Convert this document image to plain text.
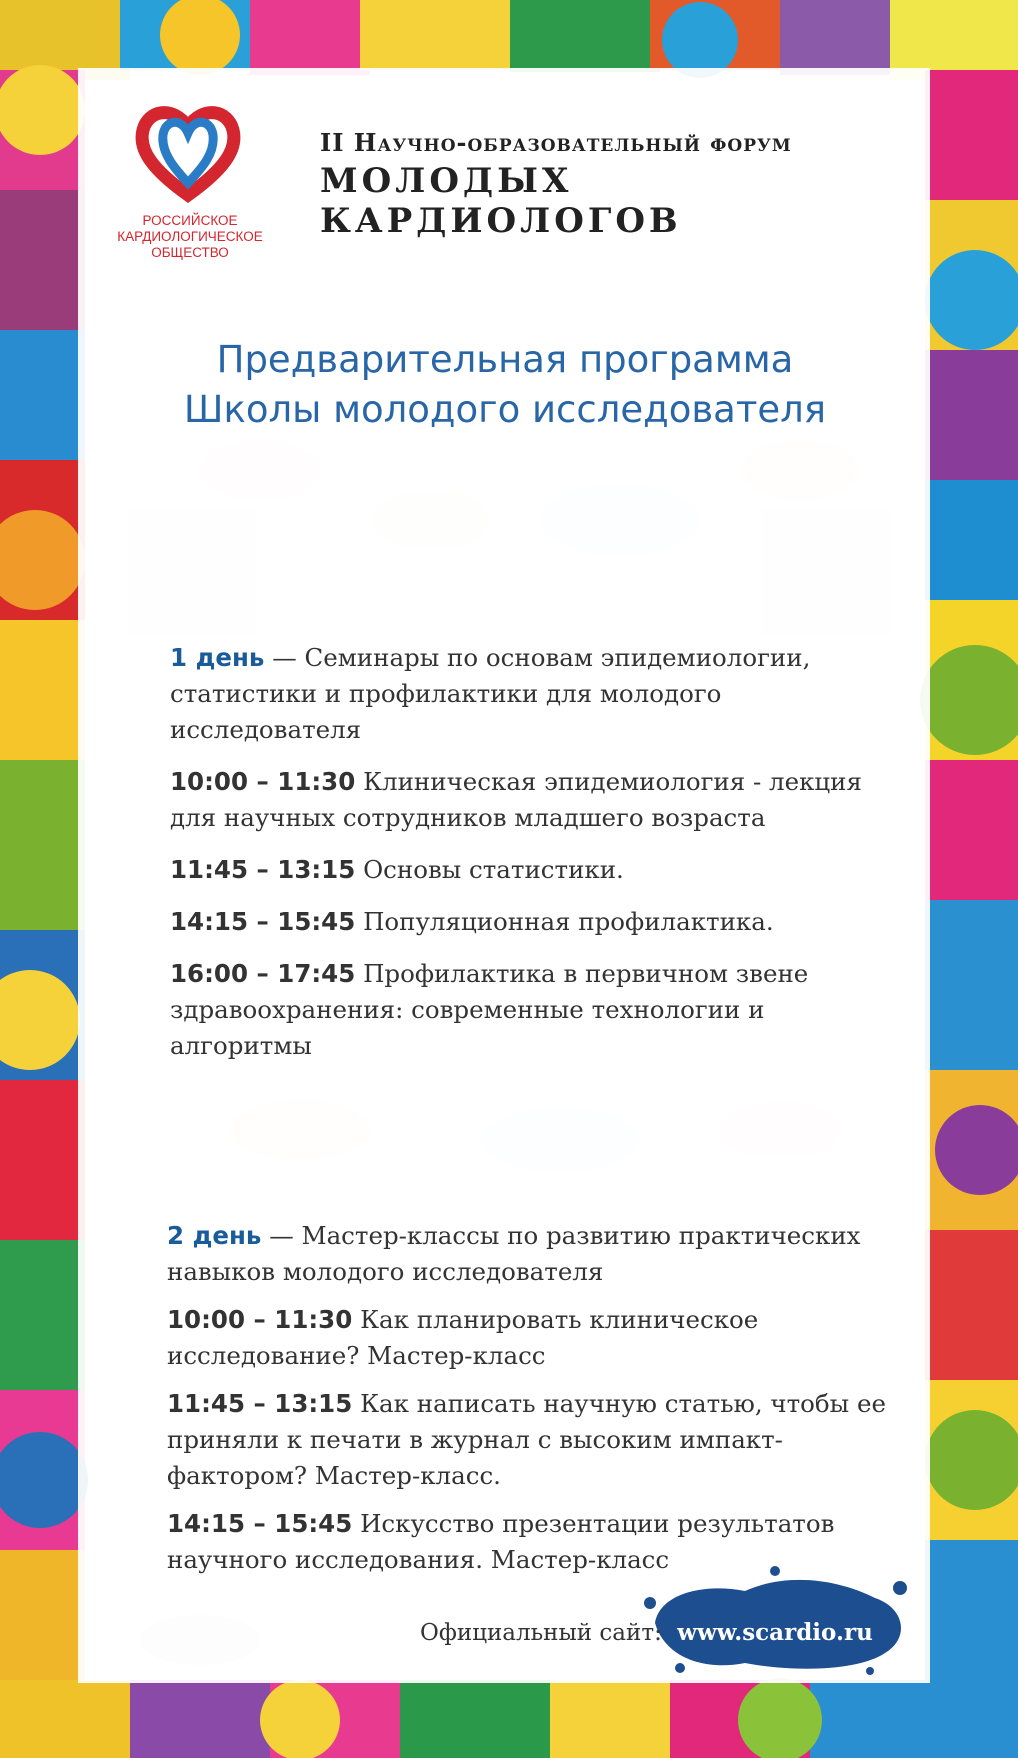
РОССИЙСКОЕ
КАРДИОЛОГИЧЕСКОЕ
ОБЩЕСТВО
II Научно-образовательный форум
МОЛОДЫХ КАРДИОЛОГОВ
Предварительная программа
Школы молодого исследователя

1 день — Семинары по основам эпидемиологии, статистики и профилактики для молодого исследователя

10:00 – 11:30 Клиническая эпидемиология - лекция для научных сотрудников младшего возраста

11:45 – 13:15 Основы статистики.

14:15 – 15:45 Популяционная профилактика.

16:00 – 17:45 Профилактика в первичном звене здравоохранения: современные технологии и алгоритмы

2 день — Мастер-классы по развитию практических навыков молодого исследователя

10:00 – 11:30 Как планировать клиническое исследование? Мастер-класс

11:45 – 13:15 Как написать научную статью, чтобы ее приняли к печати в журнал с высоким импакт-фактором? Мастер-класс.

14:15 – 15:45 Искусство презентации результатов научного исследования. Мастер-класс

Официальный сайт: www.scardio.ru
